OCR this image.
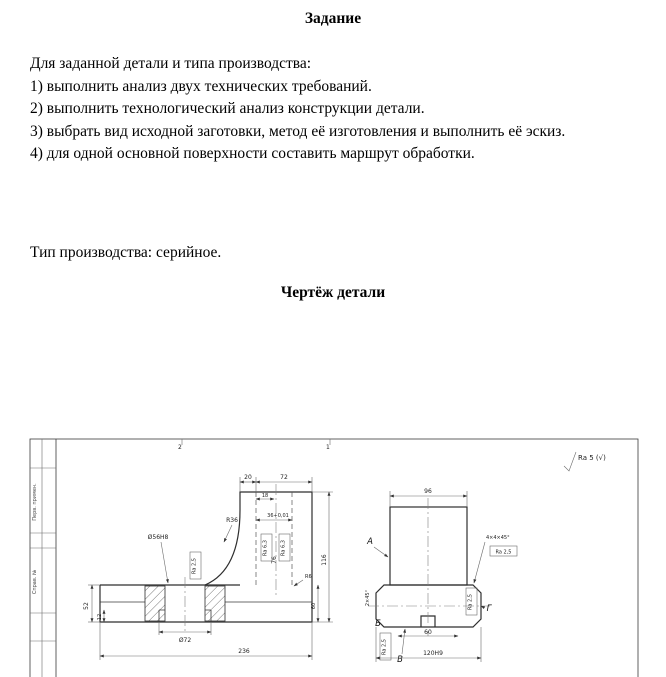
Задание

Для заданной детали и типа производства:

1) выполнить анализ двух технических требований.

2) выполнить технологический анализ конструкции детали.

3) выбрать вид исходной заготовки, метод её изготовления и выполнить её эскиз.

4) для одной основной поверхности составить маршрут обработки.

Тип производства: серийное.
Чертёж детали
Перв. примен.
Справ. №
2	1
Ra 5 (√)
52
12
Ø56H8
Ra 2,5
R36
20	72
18
36+0,01
Ra 6,3 Ra 6,3
R6
76	116
60
Ø72
236
96
А	4×4×45°
Ra 2,5
2×45°
Б
В
Г
Ra 2,5
Ra 2,5
60
120H9
